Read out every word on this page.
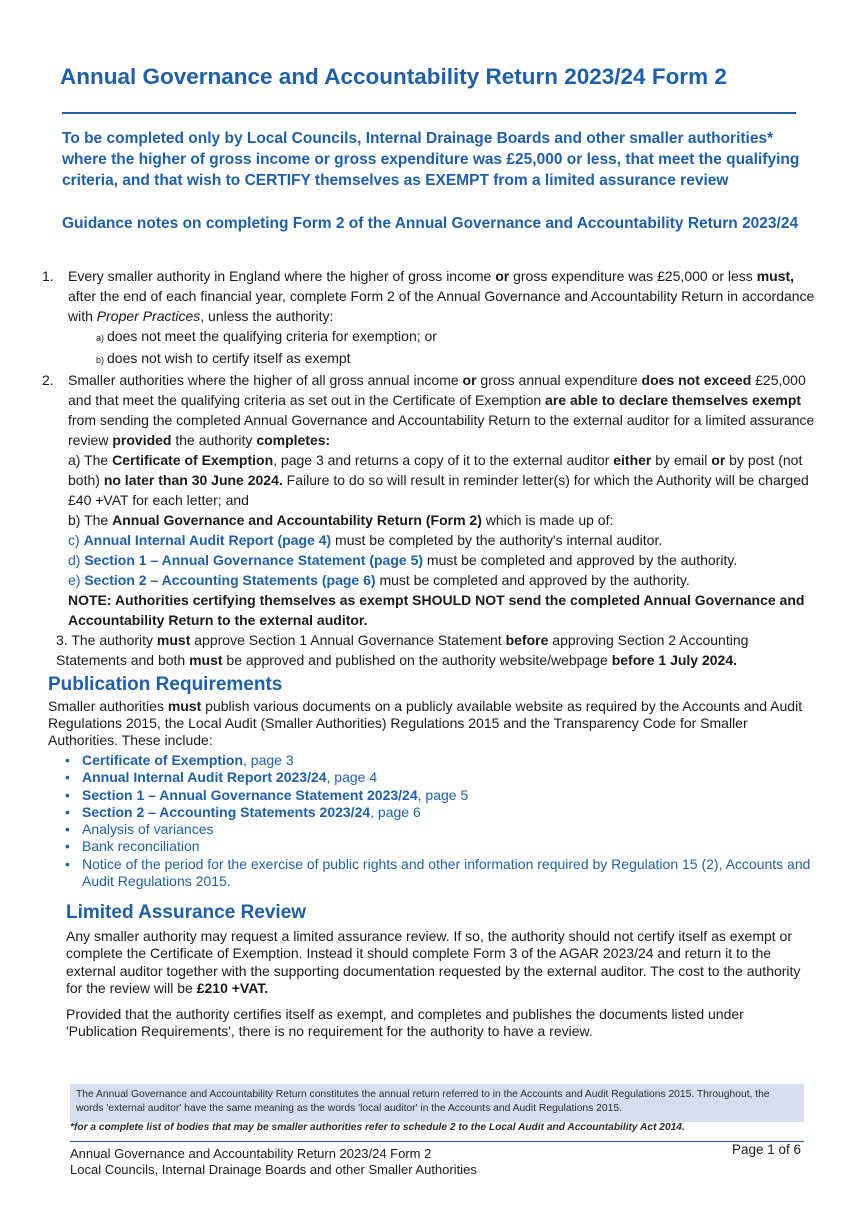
Annual Governance and Accountability Return 2023/24 Form 2
To be completed only by Local Councils, Internal Drainage Boards and other smaller authorities* where the higher of gross income or gross expenditure was £25,000 or less, that meet the qualifying criteria, and that wish to CERTIFY themselves as EXEMPT from a limited assurance review
Guidance notes on completing Form 2 of the Annual Governance and Accountability Return 2023/24
1.	Every smaller authority in England where the higher of gross income or gross expenditure was £25,000 or less must, after the end of each financial year, complete Form 2 of the Annual Governance and Accountability Return in accordance with Proper Practices, unless the authority:
a) does not meet the qualifying criteria for exemption; or
b) does not wish to certify itself as exempt
2.	Smaller authorities where the higher of all gross annual income or gross annual expenditure does not exceed £25,000 and that meet the qualifying criteria as set out in the Certificate of Exemption are able to declare themselves exempt from sending the completed Annual Governance and Accountability Return to the external auditor for a limited assurance review provided the authority completes:
a) The Certificate of Exemption, page 3 and returns a copy of it to the external auditor either by email or by post (not both) no later than 30 June 2024. Failure to do so will result in reminder letter(s) for which the Authority will be charged £40 +VAT for each letter; and
b) The Annual Governance and Accountability Return (Form 2) which is made up of:
c) Annual Internal Audit Report (page 4) must be completed by the authority's internal auditor.
d) Section 1 – Annual Governance Statement (page 5) must be completed and approved by the authority.
e) Section 2 – Accounting Statements (page 6) must be completed and approved by the authority.
NOTE: Authorities certifying themselves as exempt SHOULD NOT send the completed Annual Governance and Accountability Return to the external auditor.
3. The authority must approve Section 1 Annual Governance Statement before approving Section 2 Accounting Statements and both must be approved and published on the authority website/webpage before 1 July 2024.
Publication Requirements
Smaller authorities must publish various documents on a publicly available website as required by the Accounts and Audit Regulations 2015, the Local Audit (Smaller Authorities) Regulations 2015 and the Transparency Code for Smaller Authorities. These include:
• Certificate of Exemption, page 3
• Annual Internal Audit Report 2023/24, page 4
• Section 1 – Annual Governance Statement 2023/24, page 5
• Section 2 – Accounting Statements 2023/24, page 6
• Analysis of variances
• Bank reconciliation
• Notice of the period for the exercise of public rights and other information required by Regulation 15 (2), Accounts and Audit Regulations 2015.
Limited Assurance Review
Any smaller authority may request a limited assurance review. If so, the authority should not certify itself as exempt or complete the Certificate of Exemption. Instead it should complete Form 3 of the AGAR 2023/24 and return it to the external auditor together with the supporting documentation requested by the external auditor. The cost to the authority for the review will be £210 +VAT.
Provided that the authority certifies itself as exempt, and completes and publishes the documents listed under 'Publication Requirements', there is no requirement for the authority to have a review.
The Annual Governance and Accountability Return constitutes the annual return referred to in the Accounts and Audit Regulations 2015. Throughout, the words 'external auditor' have the same meaning as the words 'local auditor' in the Accounts and Audit Regulations 2015.
*for a complete list of bodies that may be smaller authorities refer to schedule 2 to the Local Audit and Accountability Act 2014.
Annual Governance and Accountability Return 2023/24 Form 2
Local Councils, Internal Drainage Boards and other Smaller Authorities
Page 1 of 6
